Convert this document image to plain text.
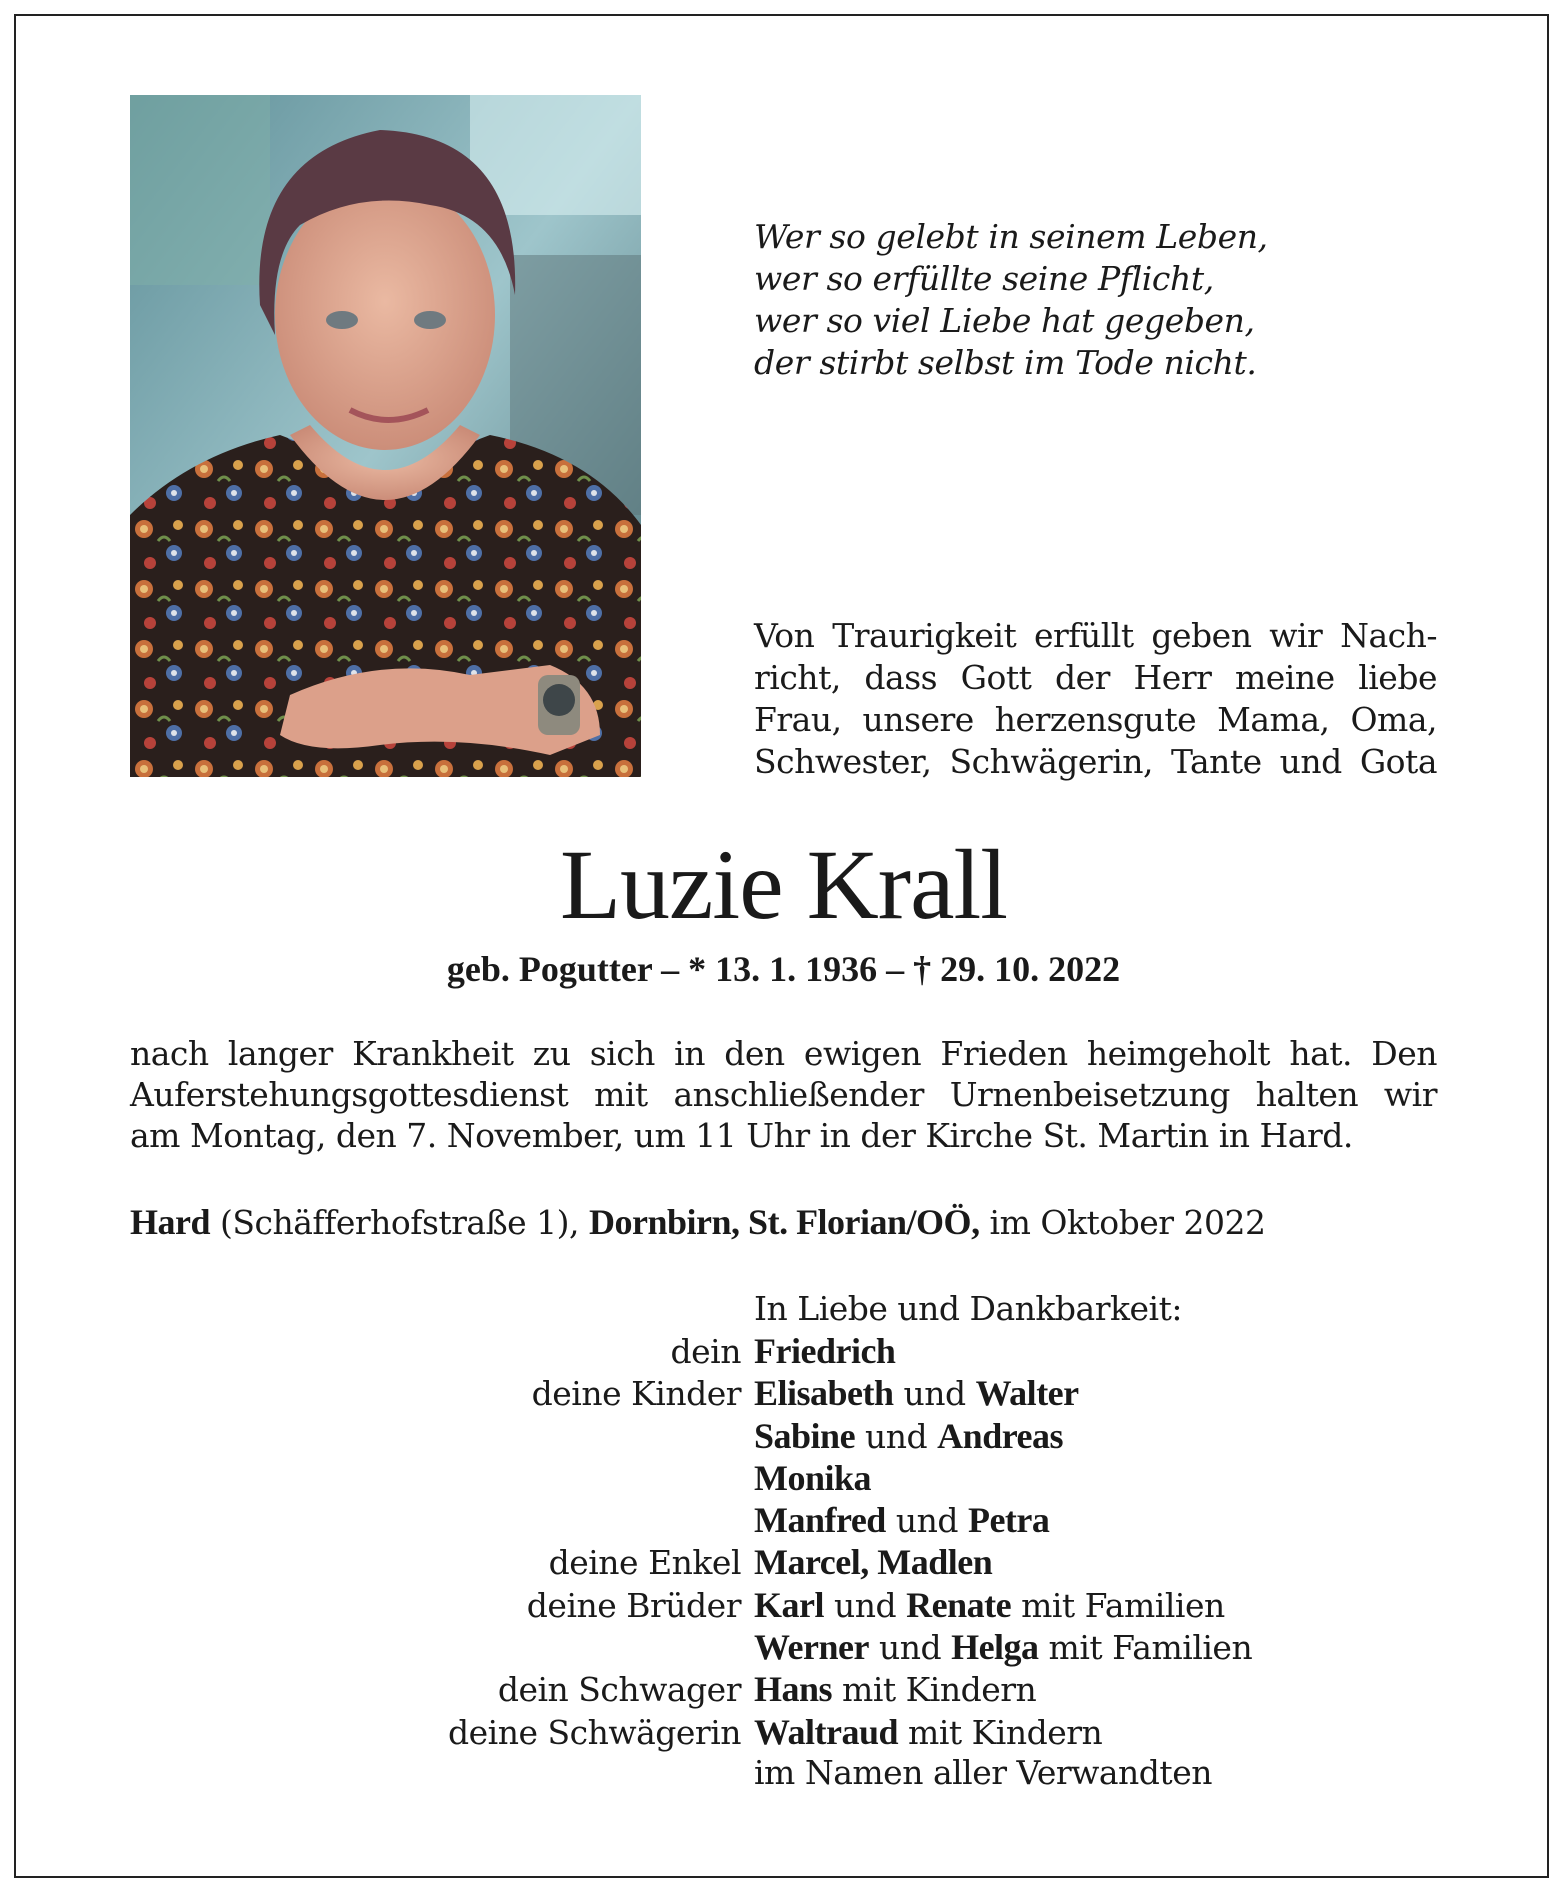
Wer so gelebt in seinem Leben,
wer so erfüllte seine Pflicht,
wer so viel Liebe hat gegeben,
der stirbt selbst im Tode nicht.
Von Traurigkeit erfüllt geben wir Nach-
richt, dass Gott der Herr meine liebe
Frau, unsere herzensgute Mama, Oma,
Schwester, Schwägerin, Tante und Gota
Luzie Krall
geb. Pogutter – * 13. 1. 1936 – † 29. 10. 2022
nach langer Krankheit zu sich in den ewigen Frieden heimgeholt hat. Den
Auferstehungsgottesdienst mit anschließender Urnenbeisetzung halten wir
am Montag, den 7. November, um 11 Uhr in der Kirche St. Martin in Hard.
Hard (Schäfferhofstraße 1), Dornbirn, St. Florian/OÖ, im Oktober 2022
In Liebe und Dankbarkeit:
dein Friedrich
deine Kinder Elisabeth und Walter
Sabine und Andreas
Monika
Manfred und Petra
deine Enkel Marcel, Madlen
deine Brüder Karl und Renate mit Familien
Werner und Helga mit Familien
dein Schwager Hans mit Kindern
deine Schwägerin Waltraud mit Kindern
im Namen aller Verwandten
